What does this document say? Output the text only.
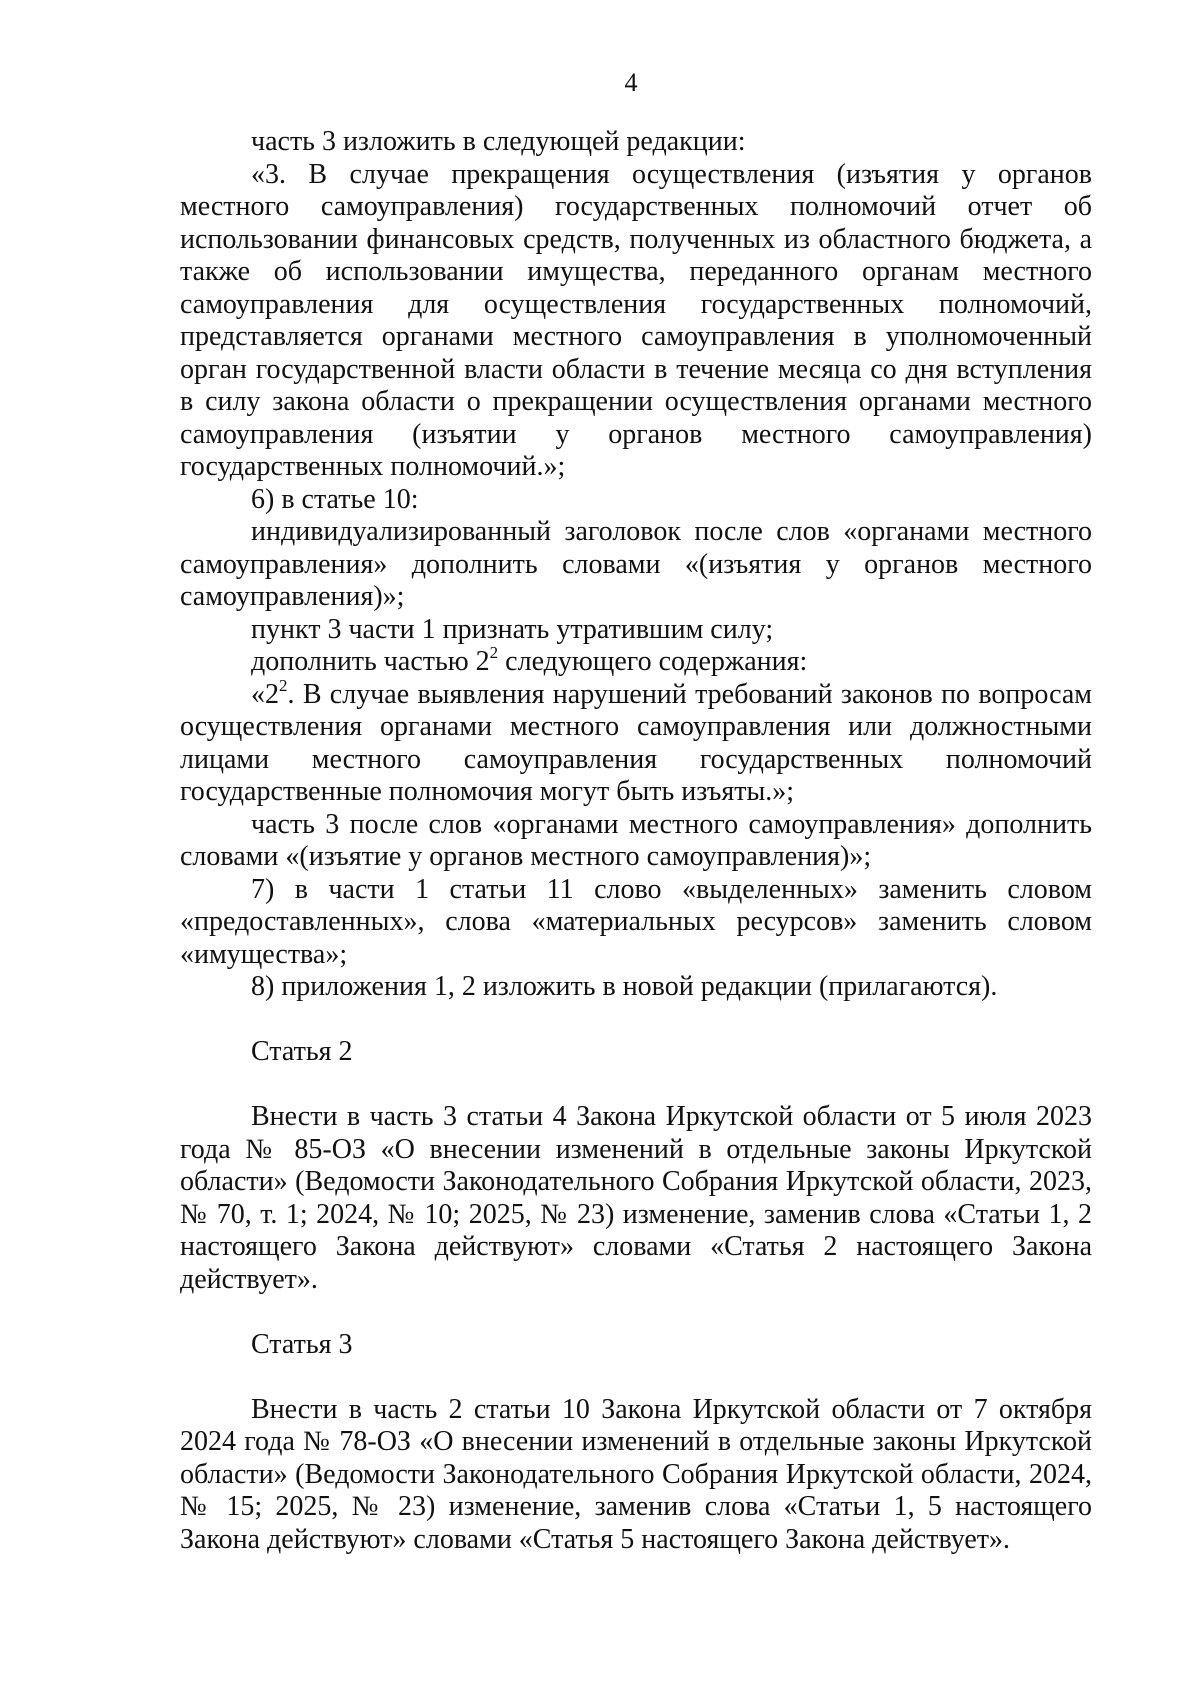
4

часть 3 изложить в следующей редакции:

«3. В случае прекращения осуществления (изъятия у органов местного самоуправления) государственных полномочий отчет об использовании финансовых средств, полученных из областного бюджета, а также об использовании имущества, переданного органам местного самоуправления для осуществления государственных полномочий, представляется органами местного самоуправления в уполномоченный орган государственной власти области в течение месяца со дня вступления в силу закона области о прекращении осуществления органами местного самоуправления (изъятии у органов местного самоуправления) государственных полномочий.»;

6) в статье 10:

индивидуализированный заголовок после слов «органами местного самоуправления» дополнить словами «(изъятия у органов местного самоуправления)»;

пункт 3 части 1 признать утратившим силу;

дополнить частью $2^2$ следующего содержания:

«$2^2$. В случае выявления нарушений требований законов по вопросам осуществления органами местного самоуправления или должностными лицами местного самоуправления государственных полномочий государственные полномочия могут быть изъяты.»;

часть 3 после слов «органами местного самоуправления» дополнить словами «(изъятие у органов местного самоуправления)»;

7) в части 1 статьи 11 слово «выделенных» заменить словом «предоставленных», слова «материальных ресурсов» заменить словом «имущества»;

8) приложения 1, 2 изложить в новой редакции (прилагаются).

Статья 2

Внести в часть 3 статьи 4 Закона Иркутской области от 5 июля 2023 года № 85-ОЗ «О внесении изменений в отдельные законы Иркутской области» (Ведомости Законодательного Собрания Иркутской области, 2023, № 70, т. 1; 2024, № 10; 2025, № 23) изменение, заменив слова «Статьи 1, 2 настоящего Закона действуют» словами «Статья 2 настоящего Закона действует».

Статья 3

Внести в часть 2 статьи 10 Закона Иркутской области от 7 октября 2024 года № 78-ОЗ «О внесении изменений в отдельные законы Иркутской области» (Ведомости Законодательного Собрания Иркутской области, 2024, № 15; 2025, № 23) изменение, заменив слова «Статьи 1, 5 настоящего Закона действуют» словами «Статья 5 настоящего Закона действует».
